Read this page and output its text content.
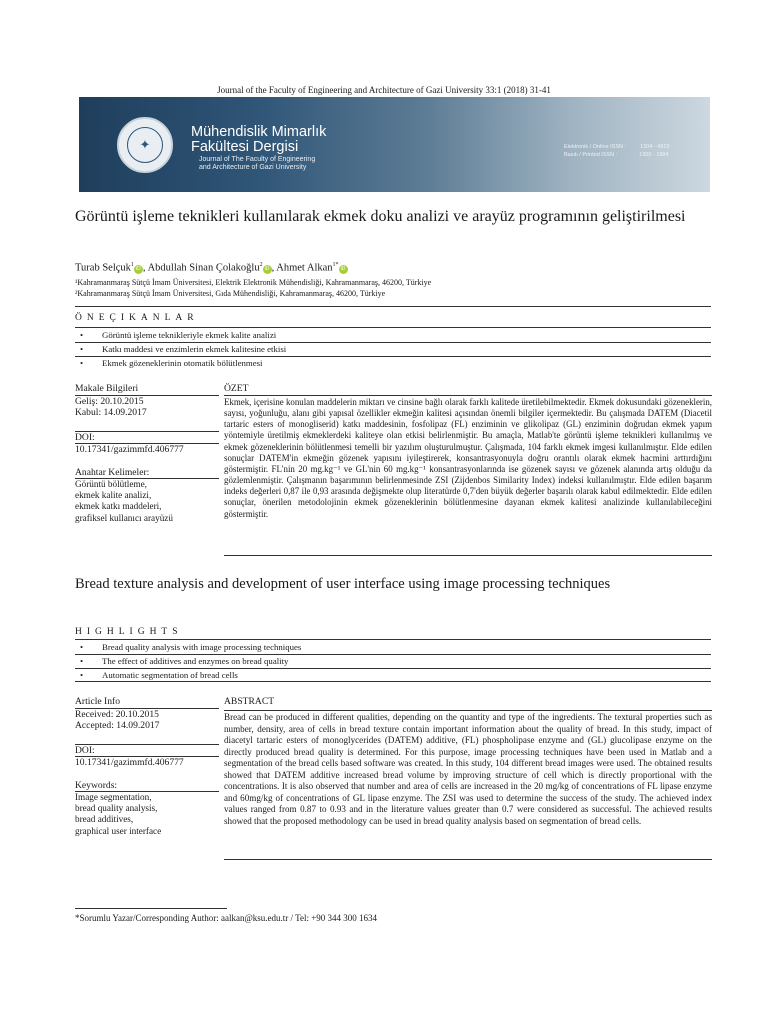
Journal of the Faculty of Engineering and Architecture of Gazi University 33:1 (2018) 31-41
✦
Mühendislik Mimarlık
Fakültesi Dergisi
Journal of The Faculty of Engineering
and Architecture of Gazi University
Elektronik / Online ISSN :	1304 - 4915
Basılı / Printed ISSN :	1300 - 1884
Görüntü işleme teknikleri kullanılarak ekmek doku analizi ve arayüz programının geliştirilmesi
Turab Selçuk$^1$iD , Abdullah Sinan Çolakoğlu$^2$iD , Ahmet Alkan$^{1*}$iD
¹Kahramanmaraş Sütçü İmam Üniversitesi, Elektrik Elektronik Mühendisliği, Kahramanmaraş, 46200, Türkiye
²Kahramanmaraş Sütçü İmam Üniversitesi, Gıda Mühendisliği, Kahramanmaraş, 46200, Türkiye
ÖNEÇIKANLAR
• Görüntü işleme teknikleriyle ekmek kalite analizi
• Katkı maddesi ve enzimlerin ekmek kalitesine etkisi
• Ekmek gözeneklerinin otomatik bölütlenmesi
Makale Bilgileri
Geliş: 20.10.2015
Kabul: 14.09.2017
DOI:
10.17341/gazimmfd.406777
Anahtar Kelimeler:
Görüntü bölütleme,
ekmek kalite analizi,
ekmek katkı maddeleri,
grafiksel kullanıcı arayüzü
ÖZET
Ekmek, içerisine konulan maddelerin miktarı ve cinsine bağlı olarak farklı kalitede üretilebilmektedir. Ekmek dokusundaki gözeneklerin, sayısı, yoğunluğu, alanı gibi yapısal özellikler ekmeğin kalitesi açısından önemli bilgiler içermektedir. Bu çalışmada DATEM (Diacetil tartaric esters of monogliserid) katkı maddesinin, fosfolipaz (FL) enziminin ve glikolipaz (GL) enziminin doğrudan ekmek yapım yöntemiyle üretilmiş ekmeklerdeki kaliteye olan etkisi belirlenmiştir. Bu amaçla, Matlab'te görüntü işleme teknikleri kullanılmış ve ekmek gözeneklerinin bölütlenmesi temelli bir yazılım oluşturulmuştur. Çalışmada, 104 farklı ekmek imgesi kullanılmıştır. Elde edilen sonuçlar DATEM'in ekmeğin gözenek yapısını iyileştirerek, konsantrasyonuyla doğru orantılı olarak ekmek hacmini arttırdığını göstermiştir. FL'nin 20 mg.kg⁻¹ ve GL'nin 60 mg.kg⁻¹ konsantrasyonlarında ise gözenek sayısı ve gözenek alanında artış olduğu da gözlemlenmiştir. Çalışmanın başarımının belirlenmesinde ZSI (Zijdenbos Similarity Index) indeksi kullanılmıştır. Elde edilen başarım indeks değerleri 0,87 ile 0,93 arasında değişmekte olup literatürde 0,7'den büyük değerler başarılı olarak kabul edilmektedir. Elde edilen sonuçlar, önerilen metodolojinin ekmek gözeneklerinin bölütlenmesine dayanan ekmek kalitesi analizinde kullanılabileceğini göstermiştir.
Bread texture analysis and development of user interface using image processing techniques
HIGHLIGHTS
• Bread quality analysis with image processing techniques
• The effect of additives and enzymes on bread quality
• Automatic segmentation of bread cells
Article Info
Received: 20.10.2015
Accepted: 14.09.2017
DOI:
10.17341/gazimmfd.406777
Keywords:
Image segmentation,
bread quality analysis,
bread additives,
graphical user interface
ABSTRACT
Bread can be produced in different qualities, depending on the quantity and type of the ingredients. The textural properties such as number, density, area of cells in bread texture contain important information about the quality of bread. In this study, impact of diacetyl tartaric esters of monoglycerides (DATEM) additive, (FL) phospholipase enzyme and (GL) glucolipase enzyme on the directly produced bread quality is determined. For this purpose, image processing techniques have been used in Matlab and a segmentation of the bread cells based software was created. In this study, 104 different bread images were used. The obtained results showed that DATEM additive increased bread volume by improving structure of cell which is directly proportional with the concentrations. It is also observed that number and area of cells are increased in the 20 mg/kg of concentrations of FL lipase enzyme and 60mg/kg of concentrations of GL lipase enzyme. The ZSI was used to determine the success of the study. The achieved index values ranged from 0.87 to 0.93 and in the literature values greater than 0.7 were considered as successful. The achieved results showed that the proposed methodology can be used in bread quality analysis based on segmentation of bread cells.
*Sorumlu Yazar/Corresponding Author: aalkan@ksu.edu.tr / Tel: +90 344 300 1634
